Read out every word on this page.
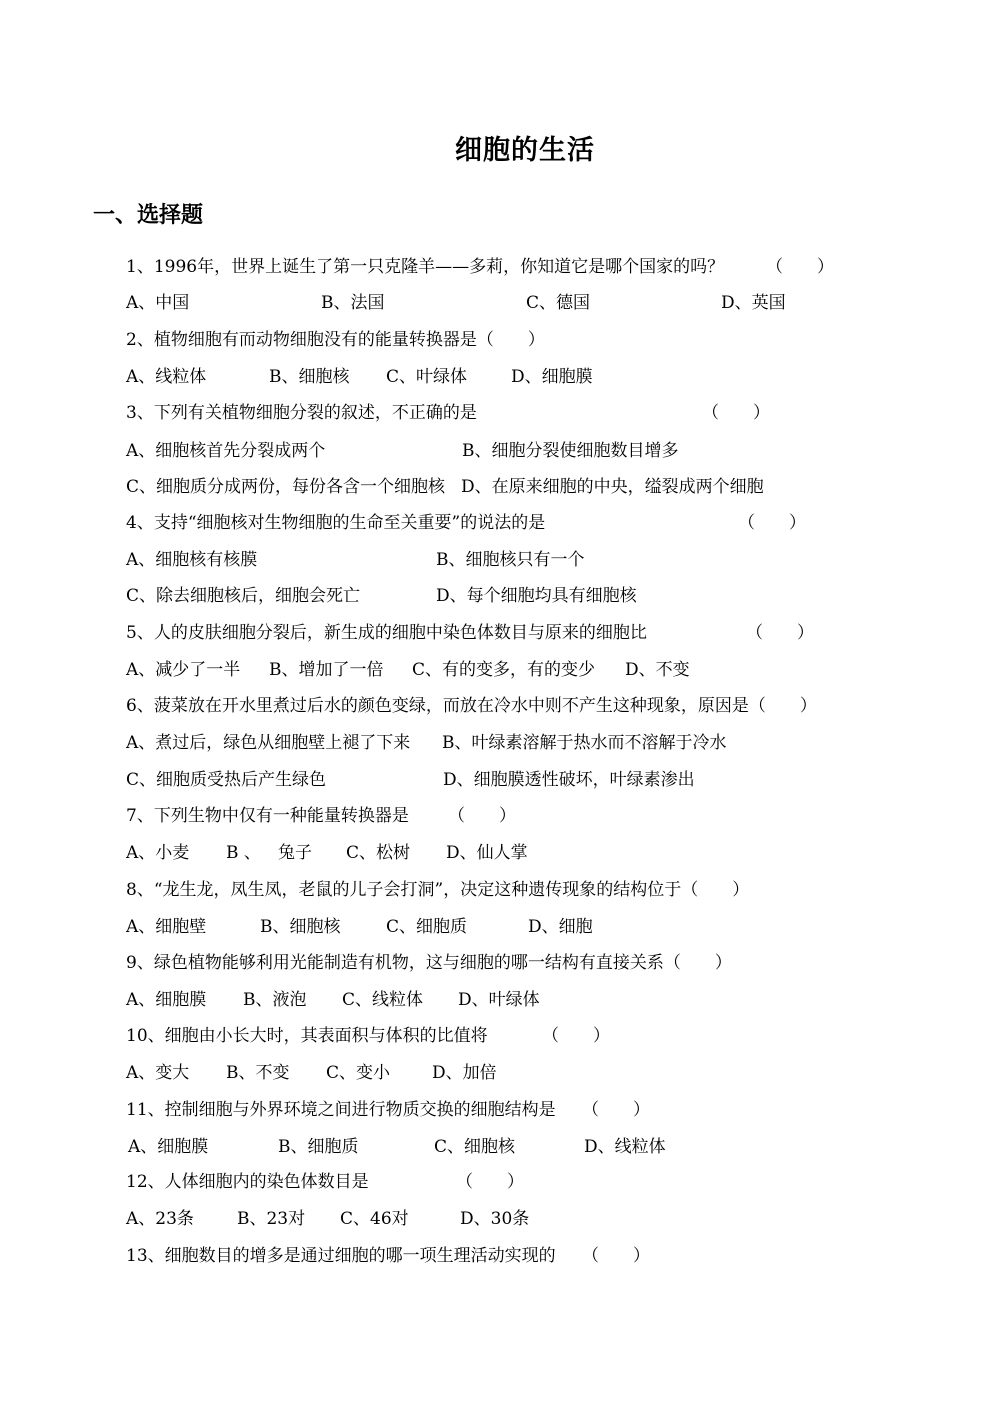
细胞的生活
一、选择题
1、1996年，世界上诞生了第一只克隆羊——多莉，你知道它是哪个国家的吗？ （　　）
A、中国	B、法国	C、德国	D、英国
2、植物细胞有而动物细胞没有的能量转换器是（　　）
A、线粒体	B、细胞核 C、叶绿体	D、细胞膜
3、下列有关植物细胞分裂的叙述，不正确的是	（　　）
A、细胞核首先分裂成两个	B、细胞分裂使细胞数目增多
C、细胞质分成两份，每份各含一个细胞核 D、在原来细胞的中央，缢裂成两个细胞
4、支持“细胞核对生物细胞的生命至关重要”的说法的是	（　　）
A、细胞核有核膜	B、细胞核只有一个
C、除去细胞核后，细胞会死亡	D、每个细胞均具有细胞核
5、人的皮肤细胞分裂后，新生成的细胞中染色体数目与原来的细胞比	（　　）
A、减少了一半 B、增加了一倍 C、有的变多，有的变少 D、不变
6、菠菜放在开水里煮过后水的颜色变绿，而放在冷水中则不产生这种现象，原因是（　　）
A、煮过后，绿色从细胞壁上褪了下来 B、叶绿素溶解于热水而不溶解于冷水
C、细胞质受热后产生绿色	D、细胞膜透性破坏，叶绿素渗出
7、下列生物中仅有一种能量转换器是 （　　）
A、小麦 B 、 兔子 C、松树 D、仙人掌
8、“龙生龙，凤生凤，老鼠的儿子会打洞”，决定这种遗传现象的结构位于（　　）
A、细胞壁	B、细胞核	C、细胞质	D、细胞
9、绿色植物能够利用光能制造有机物，这与细胞的哪一结构有直接关系（　　）
A、细胞膜 B、液泡 C、线粒体 D、叶绿体
10、细胞由小长大时，其表面积与体积的比值将	（　　）
A、变大 B、不变 C、变小 D、加倍
11、控制细胞与外界环境之间进行物质交换的细胞结构是 （　　）
A、细胞膜	B、细胞质	C、细胞核	D、线粒体
12、人体细胞内的染色体数目是	（　　）
A、23条	B、23对 C、46对	D、30条
13、细胞数目的增多是通过细胞的哪一项生理活动实现的 （　　）
